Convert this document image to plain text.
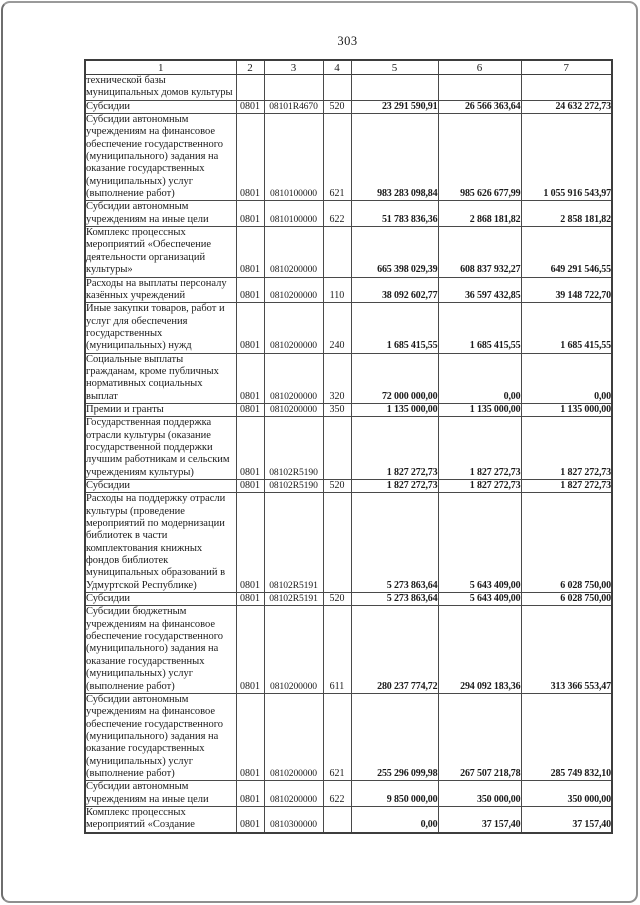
303
1	2	3	4	5	6	7
технической базы муниципальных домов культуры						
Субсидии	0801	08101R4670	520	23 291 590,91	26 566 363,64	24 632 272,73
Субсидии автономным учреждениям на финансовое обеспечение государственного (муниципального) задания на оказание государственных (муниципальных) услуг (выполнение работ)	0801	0810100000	621	983 283 098,84	985 626 677,99	1 055 916 543,97
Субсидии автономным учреждениям на иные цели	0801	0810100000	622	51 783 836,36	2 868 181,82	2 858 181,82
Комплекс процессных мероприятий «Обеспечение деятельности организаций культуры»	0801	0810200000		665 398 029,39	608 837 932,27	649 291 546,55
Расходы на выплаты персоналу казённых учреждений	0801	0810200000	110	38 092 602,77	36 597 432,85	39 148 722,70
Иные закупки товаров, работ и услуг для обеспечения государственных (муниципальных) нужд	0801	0810200000	240	1 685 415,55	1 685 415,55	1 685 415,55
Социальные выплаты гражданам, кроме публичных нормативных социальных выплат	0801	0810200000	320	72 000 000,00	0,00	0,00
Премии и гранты	0801	0810200000	350	1 135 000,00	1 135 000,00	1 135 000,00
Государственная поддержка отрасли культуры (оказание государственной поддержки лучшим работникам и сельским учреждениям культуры)	0801	08102R5190		1 827 272,73	1 827 272,73	1 827 272,73
Субсидии	0801	08102R5190	520	1 827 272,73	1 827 272,73	1 827 272,73
Расходы на поддержку отрасли культуры (проведение мероприятий по модернизации библиотек в части комплектования книжных фондов библиотек муниципальных образований в Удмуртской Республике)	0801	08102R5191		5 273 863,64	5 643 409,00	6 028 750,00
Субсидии	0801	08102R5191	520	5 273 863,64	5 643 409,00	6 028 750,00
Субсидии бюджетным учреждениям на финансовое обеспечение государственного (муниципального) задания на оказание государственных (муниципальных) услуг (выполнение работ)	0801	0810200000	611	280 237 774,72	294 092 183,36	313 366 553,47
Субсидии автономным учреждениям на финансовое обеспечение государственного (муниципального) задания на оказание государственных (муниципальных) услуг (выполнение работ)	0801	0810200000	621	255 296 099,98	267 507 218,78	285 749 832,10
Субсидии автономным учреждениям на иные цели	0801	0810200000	622	9 850 000,00	350 000,00	350 000,00
Комплекс процессных мероприятий «Создание	0801	0810300000		0,00	37 157,40	37 157,40
